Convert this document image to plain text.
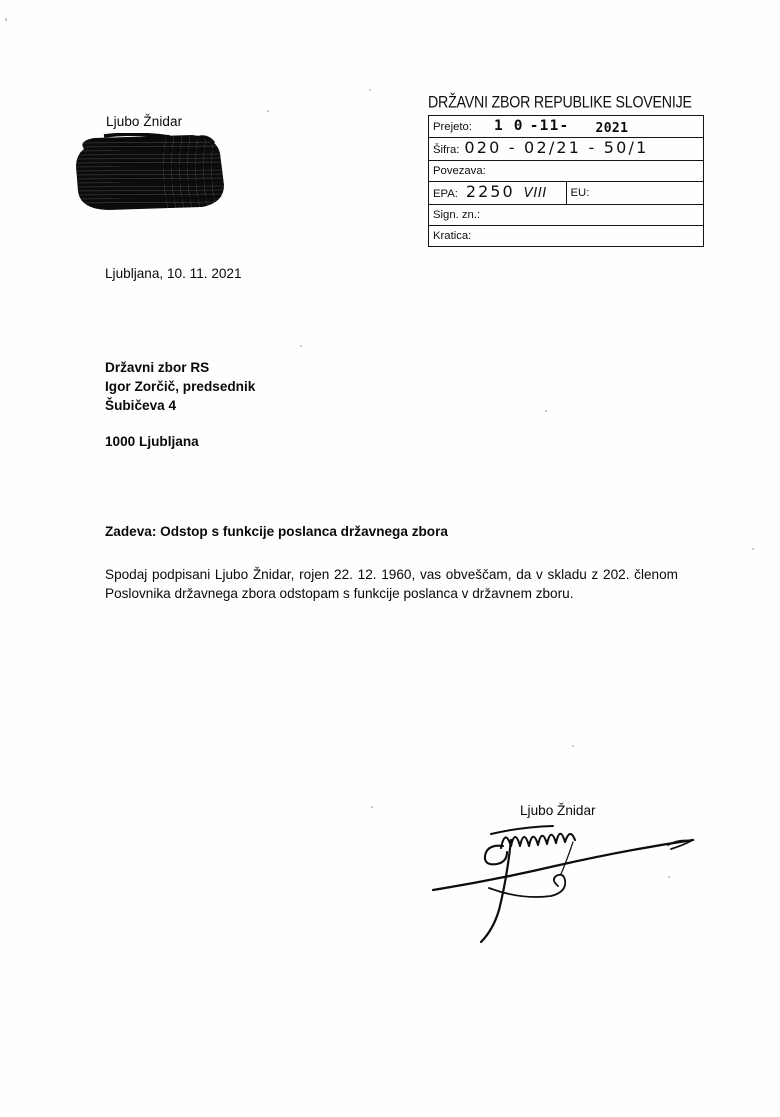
Ljubo Žnidar
DRŽAVNI ZBOR REPUBLIKE SLOVENIJE
Prejeto: 1 0 -11- 2021
Šifra: 020 - 02/21 - 50/1
Povezava:
EPA: 2250 VIII	EU:
Sign. zn.:
Kratica:
Ljubljana, 10. 11. 2021
Državni zbor RS
Igor Zorčič, predsednik
Šubičeva 4
1000 Ljubljana
Zadeva: Odstop s funkcije poslanca državnega zbora
Spodaj podpisani Ljubo Žnidar, rojen 22. 12. 1960, vas obveščam, da v skladu z 202. členom Poslovnika državnega zbora odstopam s funkcije poslanca v državnem zboru.
Ljubo Žnidar
